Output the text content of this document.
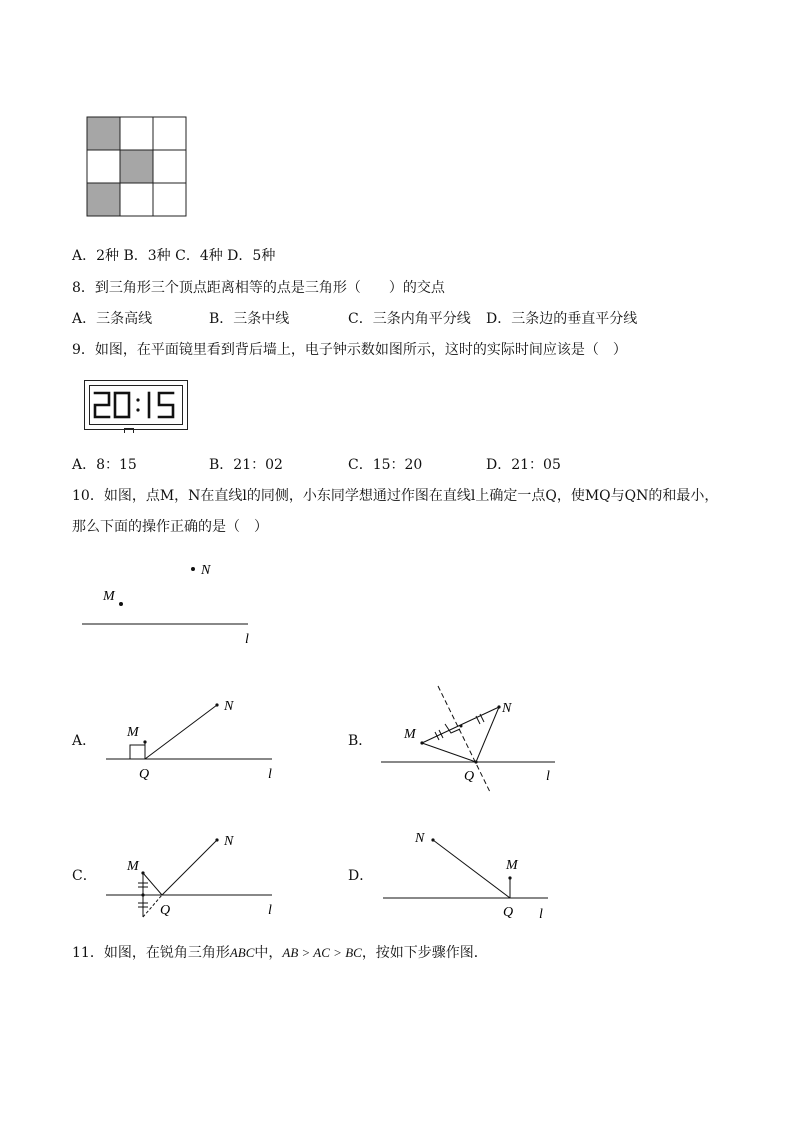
A．2种 B．3种 C．4种 D．5种
8．到三角形三个顶点距离相等的点是三角形（　　）的交点
A．三条高线	B．三条中线	C．三条内角平分线 D．三条边的垂直平分线
9．如图，在平面镜里看到背后墙上，电子钟示数如图所示，这时的实际时间应该是（　）
A．8：15	B．21：02	C．15：20	D．21：05
10．如图，点M，N在直线l的同侧，小东同学想通过作图在直线l上确定一点Q，使MQ与QN的和最小，
那么下面的操作正确的是（　）
M
N
l
A．
M
N
Q	l
B． M
N
Q	l
C．
M
N
Q	l
D．
N
M
Q l
11．如图，在锐角三角形ABC中，AB > AC > BC，按如下步骤作图．
